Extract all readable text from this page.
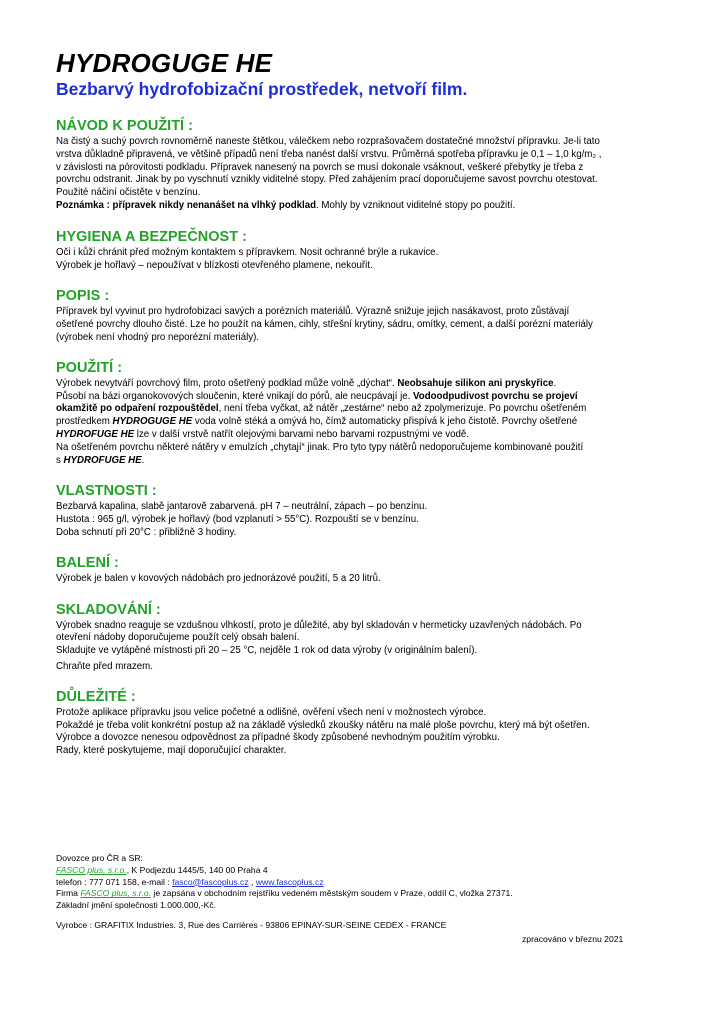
HYDROGUGE HE

Bezbarvý hydrofobizační prostředek, netvoří film.

NÁVOD K POUŽITÍ :

Na čistý a suchý povrch rovnoměrně naneste štětkou, válečkem nebo rozprašovačem dostatečné množství přípravku. Je-li tato

vrstva důkladně připravená, ve většině případů není třeba nanést další vrstvu. Průměrná spotřeba přípravku je 0,1 – 1,0 kg/m₂ ,

v závislosti na pórovitosti podkladu. Přípravek nanesený na povrch se musí dokonale vsáknout, veškeré přebytky je třeba z

povrchu odstranit. Jinak by po vyschnutí vznikly viditelné stopy. Před zahájením prací doporučujeme savost povrchu otestovat.

Použité náčiní očistěte v benzínu.

Poznámka : přípravek nikdy nenanášet na vlhký podklad. Mohly by vzniknout viditelné stopy po použití.

HYGIENA A BEZPEČNOST :

Oči i kůži chránit před možným kontaktem s přípravkem. Nosit ochranné brýle a rukavice.

Výrobek je hořlavý – nepoužívat v blízkosti otevřeného plamene, nekouřit.

POPIS :

Přípravek byl vyvinut pro hydrofobizaci savých a porézních materiálů. Výrazně snižuje jejich nasákavost, proto zůstávají

ošetřené povrchy dlouho čisté. Lze ho použít na kámen, cihly, střešní krytiny, sádru, omítky, cement, a další porézní materiály

(výrobek není vhodný pro neporézní materiály).

POUŽITÍ :

Výrobek nevytváří povrchový film, proto ošetřený podklad může volně „dýchat“. Neobsahuje silikon ani pryskyřice.

Působí na bázi organokovových sloučenin, které vnikají do pórů, ale neucpávají je. Vodoodpudivost povrchu se projeví

okamžitě po odpaření rozpouštědel, není třeba vyčkat, až nátěr „zestárne“ nebo až zpolymerizuje. Po povrchu ošetřeném

prostředkem HYDROGUGE HE voda volně stéká a omývá ho, čímž automaticky přispívá k jeho čistotě. Povrchy ošetřené

HYDROFUGE HE lze v další vrstvě natřít olejovými barvami nebo barvami rozpustnými ve vodě.

Na ošetřeném povrchu některé nátěry v emulzích „chytají“ jinak. Pro tyto typy nátěrů nedoporučujeme kombinované použití

s HYDROFUGE HE.

VLASTNOSTI :

Bezbarvá kapalina, slabě jantarově zabarvená. pH 7 – neutrální, zápach – po benzínu.

Hustota : 965 g/l, výrobek je hořlavý (bod vzplanutí > 55°C). Rozpouští se v benzínu.

Doba schnutí při 20°C : přibližně 3 hodiny.

BALENÍ :

Výrobek je balen v kovových nádobách pro jednorázové použití, 5 a 20 litrů.

SKLADOVÁNÍ :

Výrobek snadno reaguje se vzdušnou vlhkostí, proto je důležité, aby byl skladován v hermeticky uzavřených nádobách. Po

otevření nádoby doporučujeme použít celý obsah balení.

Skladujte ve vytápěné místnosti při 20 – 25 °C, nejděle 1 rok od data výroby (v originálním balení).

Chraňte před mrazem.

DŮLEŽITÉ :

Protože aplikace přípravku jsou velice početné a odlišné, ověření všech není v možnostech výrobce.

Pokaždé je třeba volit konkrétní postup až na základě výsledků zkoušky nátěru na malé ploše povrchu, který má být ošetřen.

Výrobce a dovozce nenesou odpovědnost za případné škody způsobené nevhodným použitím výrobku.

Rady, které poskytujeme, mají doporučující charakter.

Dovozce pro ČR a SR:

FASCO plus, s.r.o., K Podjezdu 1445/5, 140 00 Praha 4

telefon : 777 071 158, e-mail : fasco@fascoplus.cz , www.fascoplus.cz

Firma FASCO plus, s.r.o. je zapsána v obchodním rejstříku vedeném městským soudem v Praze, oddíl C, vložka 27371.

Základní jmění společnosti 1.000.000,-Kč.

Vyrobce : GRAFITIX Industries. 3, Rue des Carrières - 93806 EPINAY-SUR-SEINE CEDEX - FRANCE

zpracováno v březnu 2021
